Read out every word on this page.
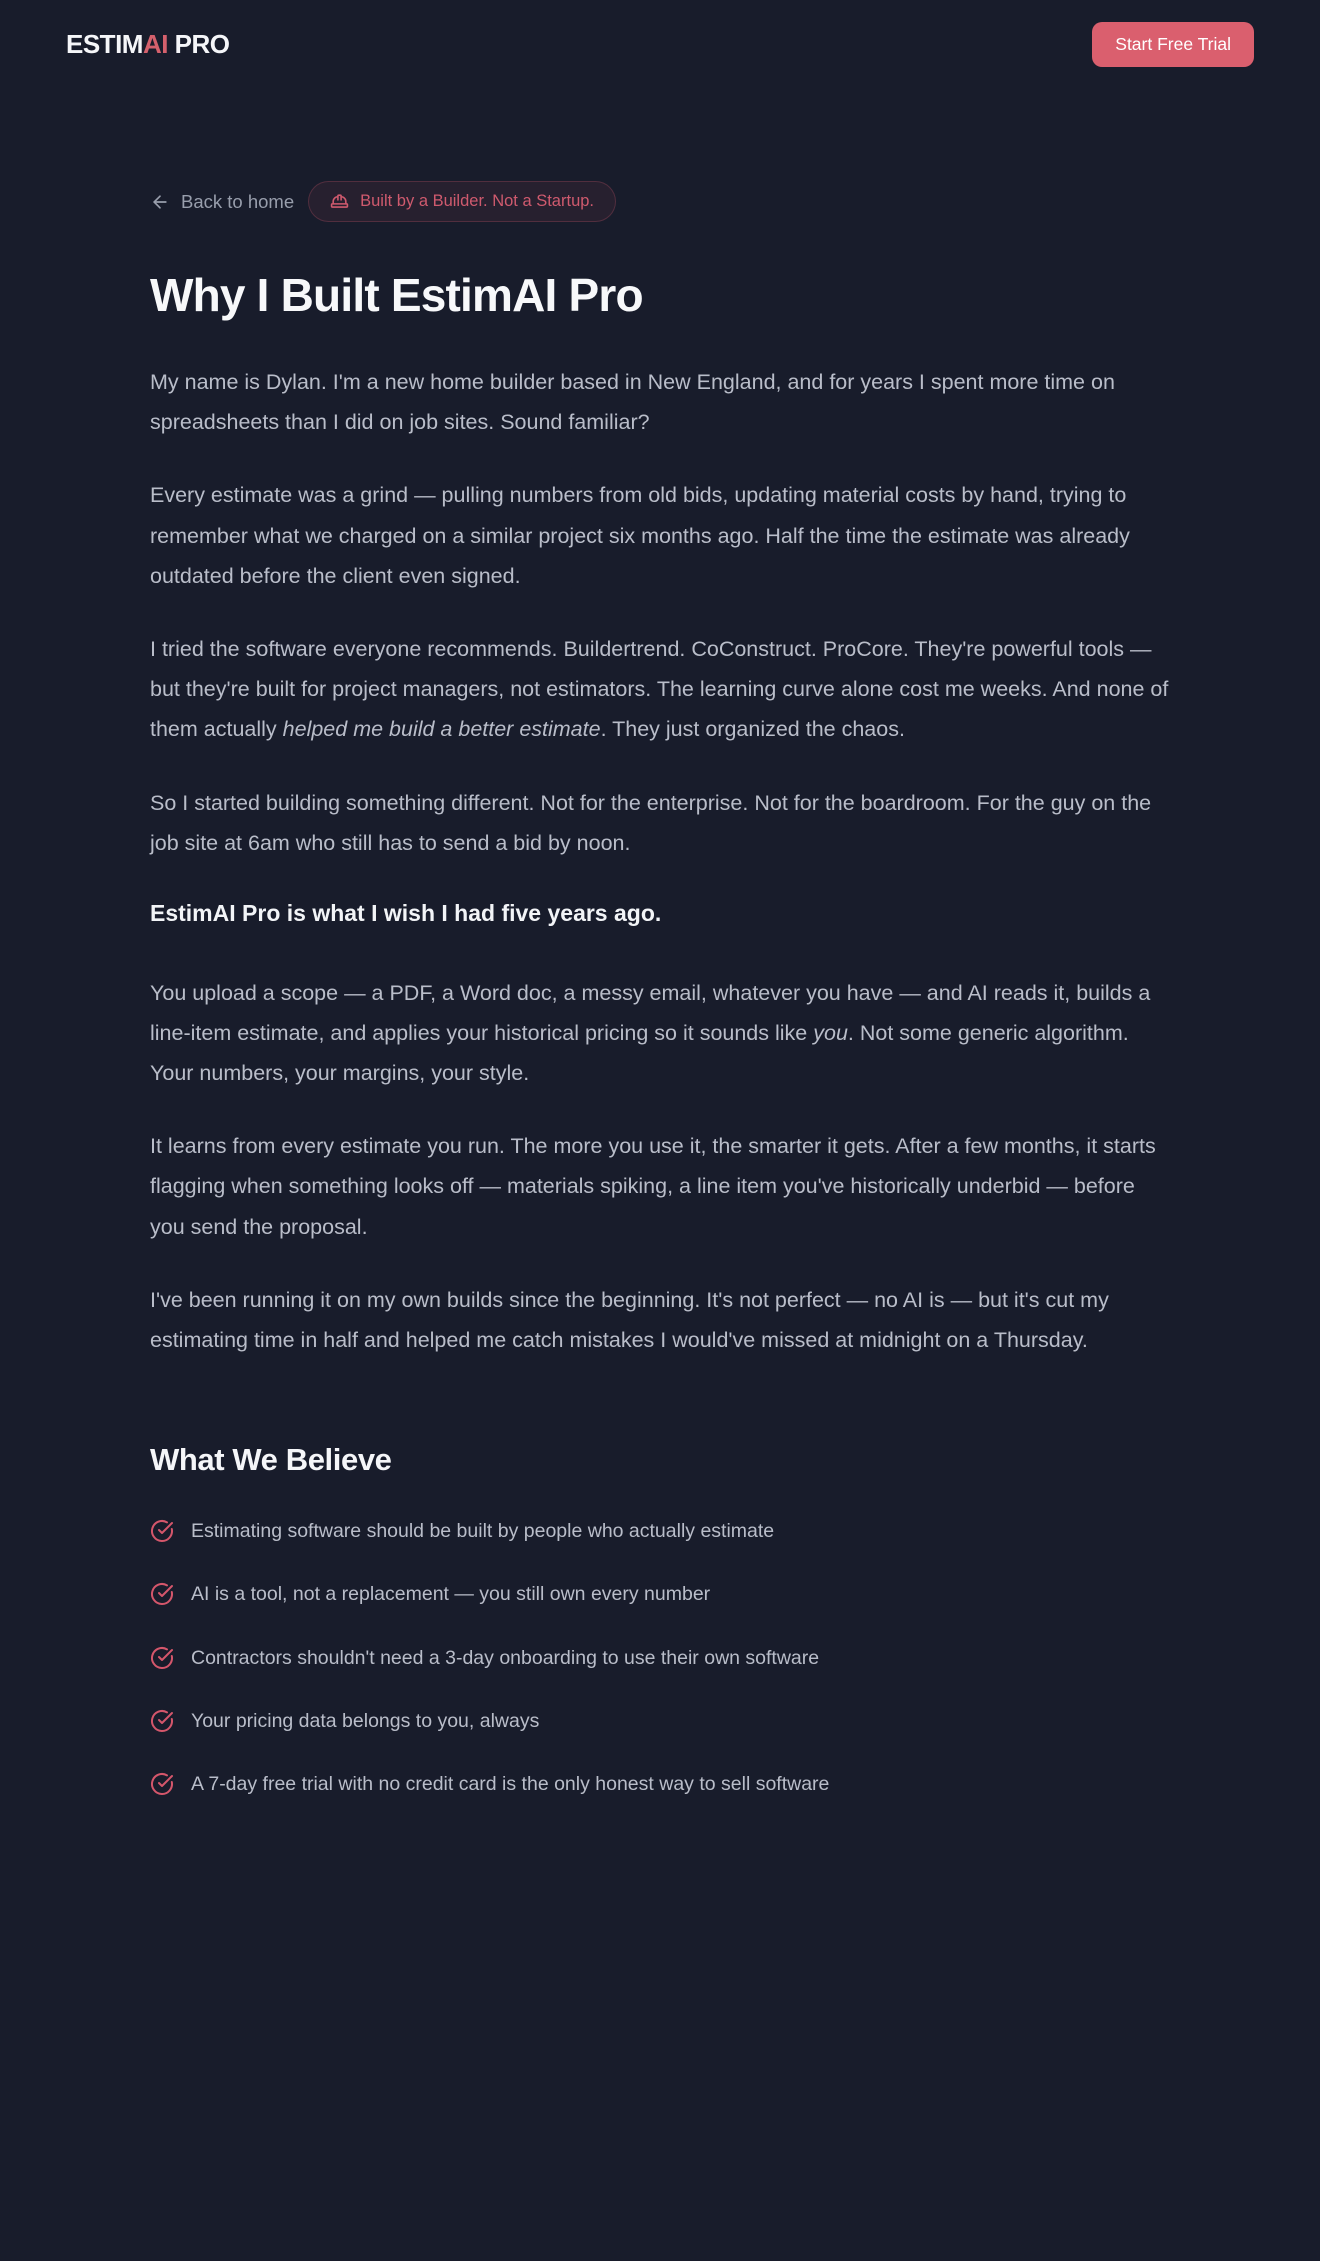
ESTIMAI PRO	Start Free Trial
Back to home	Built by a Builder. Not a Startup.
Why I Built EstimAI Pro

My name is Dylan. I'm a new home builder based in New England, and for years I spent more time on spreadsheets than I did on job sites. Sound familiar?

Every estimate was a grind — pulling numbers from old bids, updating material costs by hand, trying to remember what we charged on a similar project six months ago. Half the time the estimate was already outdated before the client even signed.

I tried the software everyone recommends. Buildertrend. CoConstruct. ProCore. They're powerful tools — but they're built for project managers, not estimators. The learning curve alone cost me weeks. And none of them actually helped me build a better estimate. They just organized the chaos.

So I started building something different. Not for the enterprise. Not for the boardroom. For the guy on the job site at 6am who still has to send a bid by noon.

EstimAI Pro is what I wish I had five years ago.

You upload a scope — a PDF, a Word doc, a messy email, whatever you have — and AI reads it, builds a line-item estimate, and applies your historical pricing so it sounds like you. Not some generic algorithm. Your numbers, your margins, your style.

It learns from every estimate you run. The more you use it, the smarter it gets. After a few months, it starts flagging when something looks off — materials spiking, a line item you've historically underbid — before you send the proposal.

I've been running it on my own builds since the beginning. It's not perfect — no AI is — but it's cut my estimating time in half and helped me catch mistakes I would've missed at midnight on a Thursday.

What We Believe
Estimating software should be built by people who actually estimate
AI is a tool, not a replacement — you still own every number
Contractors shouldn't need a 3-day onboarding to use their own software
Your pricing data belongs to you, always
A 7-day free trial with no credit card is the only honest way to sell software
